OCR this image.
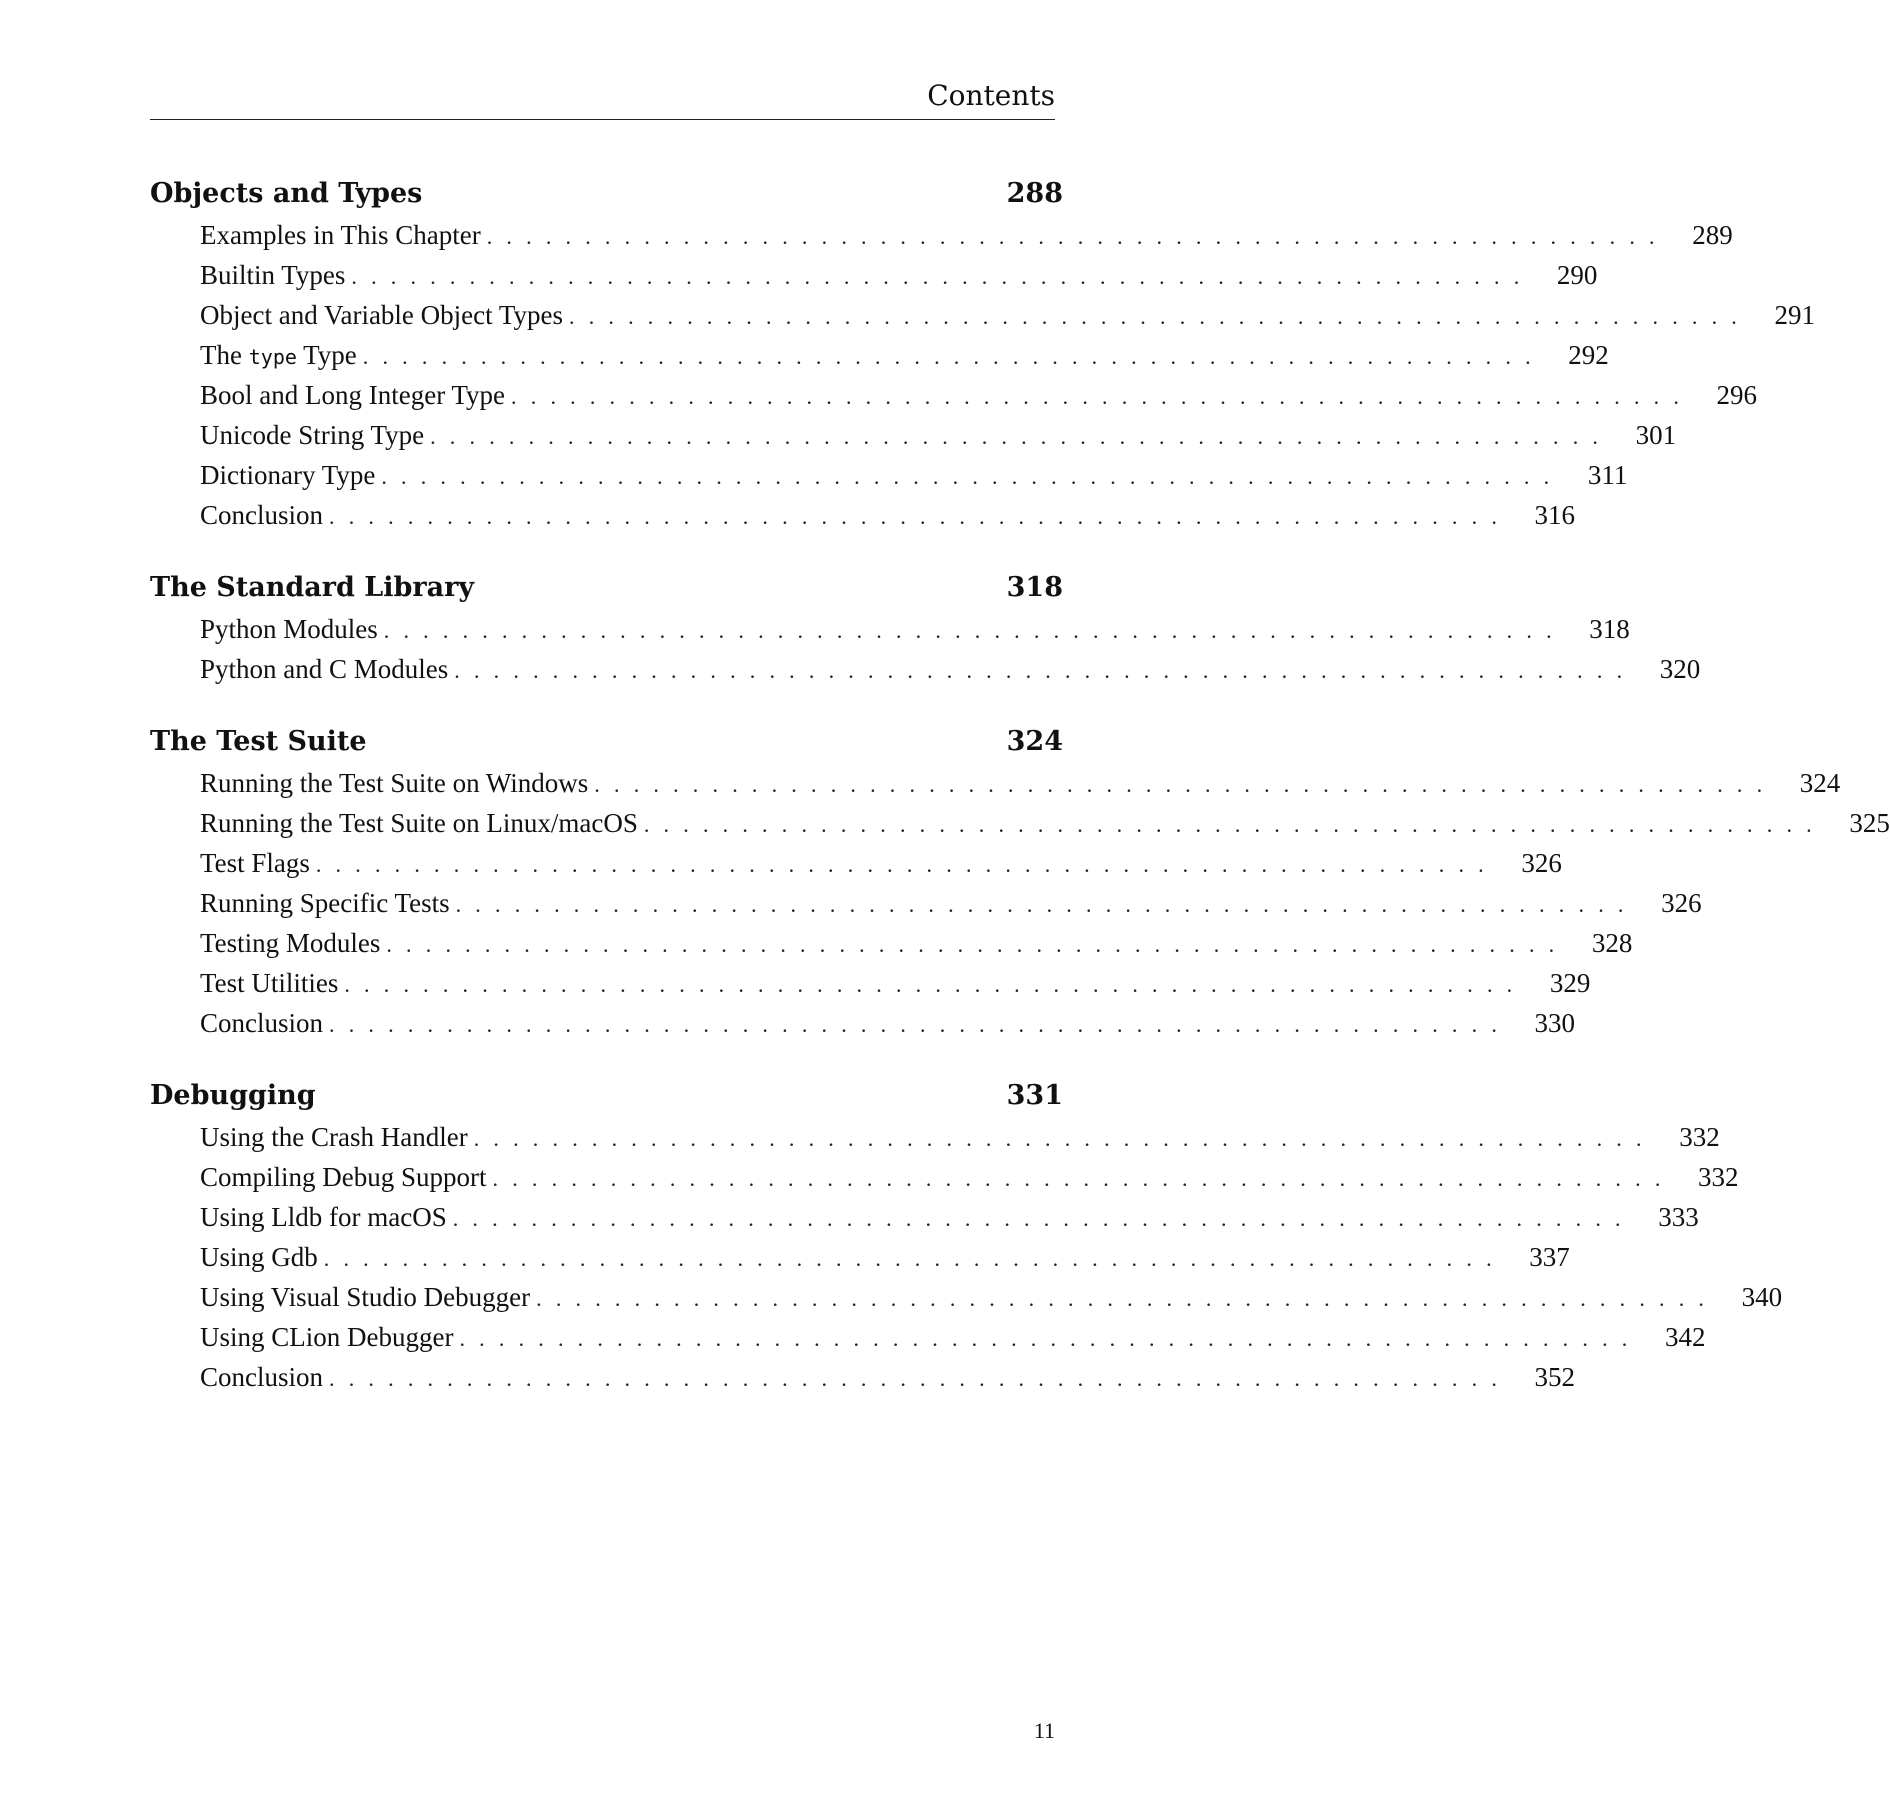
Contents
Objects and Types	288
Examples in This Chapter ............................................................ 289
Builtin Types ............................................................ 290
Object and Variable Object Types ............................................................ 291
The type Type ............................................................ 292
Bool and Long Integer Type ............................................................ 296
Unicode String Type ............................................................ 301
Dictionary Type ............................................................ 311
Conclusion ............................................................ 316
The Standard Library	318
Python Modules ............................................................ 318
Python and C Modules ............................................................ 320
The Test Suite	324
Running the Test Suite on Windows ............................................................ 324
Running the Test Suite on Linux/macOS ............................................................ 325
Test Flags ............................................................ 326
Running Specific Tests ............................................................ 326
Testing Modules ............................................................ 328
Test Utilities ............................................................ 329
Conclusion ............................................................ 330
Debugging	331
Using the Crash Handler ............................................................ 332
Compiling Debug Support ............................................................ 332
Using Lldb for macOS ............................................................ 333
Using Gdb ............................................................ 337
Using Visual Studio Debugger ............................................................ 340
Using CLion Debugger ............................................................ 342
Conclusion ............................................................ 352
11
